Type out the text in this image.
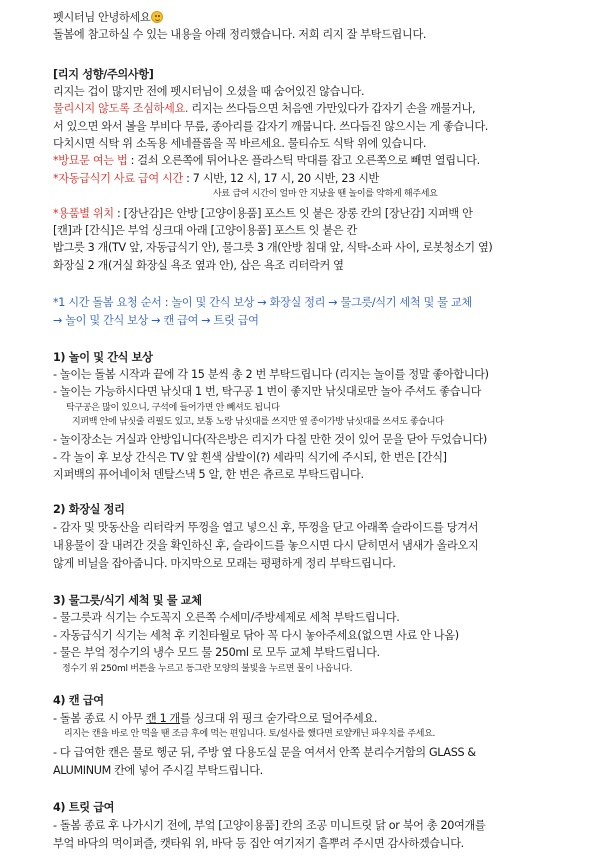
펫시터님 안녕하세요
돌봄에 참고하실 수 있는 내용을 아래 정리했습니다. 저희 리지 잘 부탁드립니다.
[리지 성향/주의사항]
리지는 겁이 많지만 전에 펫시터님이 오셨을 때 숨어있진 않습니다.
물리시지 않도록 조심하세요. 리지는 쓰다듬으면 처음엔 가만있다가 갑자기 손을 깨물거나,
서 있으면 와서 볼을 부비다 무릎, 종아리를 갑자기 깨뭅니다. 쓰다듬진 않으시는 게 좋습니다.
다치시면 식탁 위 소독용 세네플롬을 꼭 바르세요. 물티슈도 식탁 위에 있습니다.
*방묘문 여는 법 : 걸쇠 오른쪽에 튀어나온 플라스틱 막대를 잡고 오른쪽으로 빼면 열립니다.
*자동급식기 사료 급여 시간 : 7 시반, 12 시, 17 시, 20 시반, 23 시반
사료 급여 시간이 얼마 안 지났을 땐 놀이를 약하게 해주세요
*용품별 위치 : [장난감]은 안방 [고양이용품] 포스트 잇 붙은 장롱 칸의 [장난감] 지퍼백 안
[캔]과 [간식]은 부엌 싱크대 아래 [고양이용품] 포스트 잇 붙은 칸
밥그릇 3 개(TV 앞, 자동급식기 안), 물그릇 3 개(안방 침대 앞, 식탁-소파 사이, 로봇청소기 옆)
화장실 2 개(거실 화장실 욕조 옆과 안), 삽은 욕조 리터락커 옆
*1 시간 돌봄 요청 순서 : 놀이 및 간식 보상 → 화장실 정리 → 물그릇/식기 세척 및 물 교체
→ 놀이 및 간식 보상 → 캔 급여 → 트릿 급여
1) 놀이 및 간식 보상
- 놀이는 돌봄 시작과 끝에 각 15 분씩 총 2 번 부탁드립니다 (리지는 놀이를 정말 좋아합니다)
- 놀이는 가능하시다면 낚싯대 1 번, 탁구공 1 번이 좋지만 낚싯대로만 놀아 주셔도 좋습니다
탁구공은 많이 있으니, 구석에 들어가면 안 빼셔도 됩니다
지퍼백 안에 낚싯줄 리필도 있고, 보통 노랑 낚싯대를 쓰지만 옆 종이가방 낚싯대를 쓰셔도 좋습니다
- 놀이장소는 거실과 안방입니다(작은방은 리지가 다칠 만한 것이 있어 문을 닫아 두었습니다)
- 각 놀이 후 보상 간식은 TV 앞 흰색 삼발이(?) 세라믹 식기에 주시되, 한 번은 [간식]
지퍼백의 퓨어네이처 덴탈스낵 5 알, 한 번은 츄르로 부탁드립니다.
2) 화장실 정리
- 감자 및 맛동산을 리터락커 뚜껑을 열고 넣으신 후, 뚜껑을 닫고 아래쪽 슬라이드를 당겨서
내용물이 잘 내려간 것을 확인하신 후, 슬라이드를 놓으시면 다시 닫히면서 냄새가 올라오지
않게 비닐을 잡아줍니다. 마지막으로 모래는 평평하게 정리 부탁드립니다.
3) 물그릇/식기 세척 및 물 교체
- 물그릇과 식기는 수도꼭지 오른쪽 수세미/주방세제로 세척 부탁드립니다.
- 자동급식기 식기는 세척 후 키친타월로 닦아 꼭 다시 놓아주세요(없으면 사료 안 나옴)
- 물은 부엌 정수기의 냉수 모드 물 250ml 로 모두 교체 부탁드립니다.
정수기 위 250ml 버튼을 누르고 동그란 모양의 불빛을 누르면 물이 나옵니다.
4) 캔 급여
- 돌봄 종료 시 아무 캔 1 개를 싱크대 위 핑크 숟가락으로 덜어주세요.
리지는 캔을 바로 안 먹을 땐 조금 후에 먹는 편입니다. 토/설사를 했다면 로얄캐닌 파우치를 주세요.
- 다 급여한 캔은 물로 헹군 뒤, 주방 옆 다용도실 문을 여셔서 안쪽 분리수거함의 GLASS &
ALUMINUM 칸에 넣어 주시길 부탁드립니다.
4) 트릿 급여
- 돌봄 종료 후 나가시기 전에, 부엌 [고양이용품] 칸의 조공 미니트릿 닭 or 북어 총 20여개를
부엌 바닥의 먹이퍼즐, 캣타워 위, 바닥 등 집안 여기저기 흩뿌려 주시면 감사하겠습니다.
